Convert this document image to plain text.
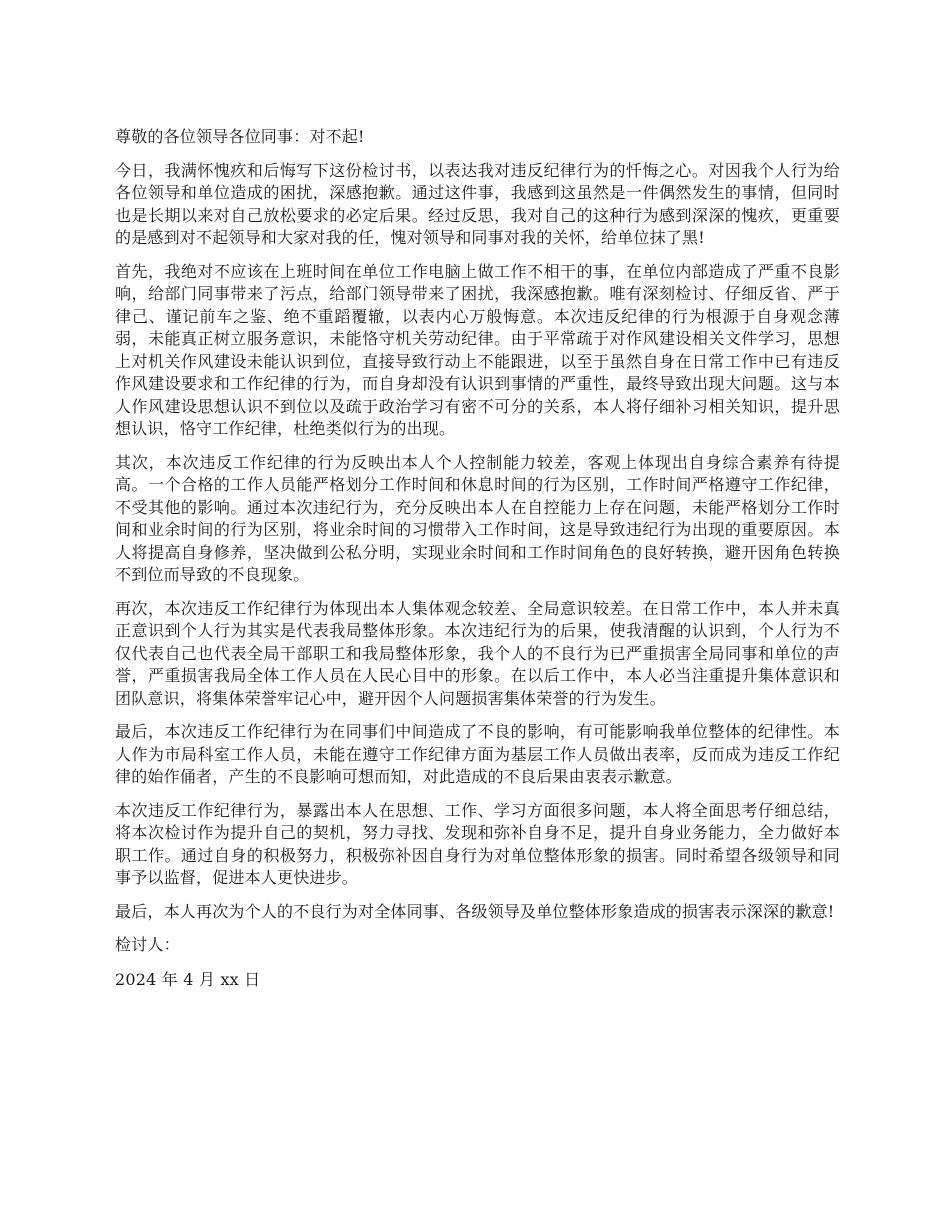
尊敬的各位领导各位同事：对不起!

今日，我满怀愧疚和后悔写下这份检讨书，以表达我对违反纪律行为的忏悔之心。对因我个人行为给各位领导和单位造成的困扰，深感抱歉。通过这件事，我感到这虽然是一件偶然发生的事情，但同时也是长期以来对自己放松要求的必定后果。经过反思，我对自己的这种行为感到深深的愧疚，更重要的是感到对不起领导和大家对我的任，愧对领导和同事对我的关怀，给单位抹了黑!

首先，我绝对不应该在上班时间在单位工作电脑上做工作不相干的事，在单位内部造成了严重不良影响，给部门同事带来了污点，给部门领导带来了困扰，我深感抱歉。唯有深刻检讨、仔细反省、严于律己、谨记前车之鉴、绝不重蹈覆辙，以表内心万般悔意。本次违反纪律的行为根源于自身观念薄弱，未能真正树立服务意识，未能恪守机关劳动纪律。由于平常疏于对作风建设相关文件学习，思想上对机关作风建设未能认识到位，直接导致行动上不能跟进，以至于虽然自身在日常工作中已有违反作风建设要求和工作纪律的行为，而自身却没有认识到事情的严重性，最终导致出现大问题。这与本人作风建设思想认识不到位以及疏于政治学习有密不可分的关系，本人将仔细补习相关知识，提升思想认识，恪守工作纪律，杜绝类似行为的出现。

其次，本次违反工作纪律的行为反映出本人个人控制能力较差，客观上体现出自身综合素养有待提高。一个合格的工作人员能严格划分工作时间和休息时间的行为区别，工作时间严格遵守工作纪律，不受其他的影响。通过本次违纪行为，充分反映出本人在自控能力上存在问题，未能严格划分工作时间和业余时间的行为区别，将业余时间的习惯带入工作时间，这是导致违纪行为出现的重要原因。本人将提高自身修养，坚决做到公私分明，实现业余时间和工作时间角色的良好转换，避开因角色转换不到位而导致的不良现象。

再次，本次违反工作纪律行为体现出本人集体观念较差、全局意识较差。在日常工作中，本人并未真正意识到个人行为其实是代表我局整体形象。本次违纪行为的后果，使我清醒的认识到，个人行为不仅代表自己也代表全局干部职工和我局整体形象，我个人的不良行为已严重损害全局同事和单位的声誉，严重损害我局全体工作人员在人民心目中的形象。在以后工作中，本人必当注重提升集体意识和团队意识，将集体荣誉牢记心中，避开因个人问题损害集体荣誉的行为发生。

最后，本次违反工作纪律行为在同事们中间造成了不良的影响，有可能影响我单位整体的纪律性。本人作为市局科室工作人员，未能在遵守工作纪律方面为基层工作人员做出表率，反而成为违反工作纪律的始作俑者，产生的不良影响可想而知，对此造成的不良后果由衷表示歉意。

本次违反工作纪律行为，暴露出本人在思想、工作、学习方面很多问题，本人将全面思考仔细总结，将本次检讨作为提升自己的契机，努力寻找、发现和弥补自身不足，提升自身业务能力，全力做好本职工作。通过自身的积极努力，积极弥补因自身行为对单位整体形象的损害。同时希望各级领导和同事予以监督，促进本人更快进步。

最后，本人再次为个人的不良行为对全体同事、各级领导及单位整体形象造成的损害表示深深的歉意!

检讨人：

2024 年 4 月 xx 日
